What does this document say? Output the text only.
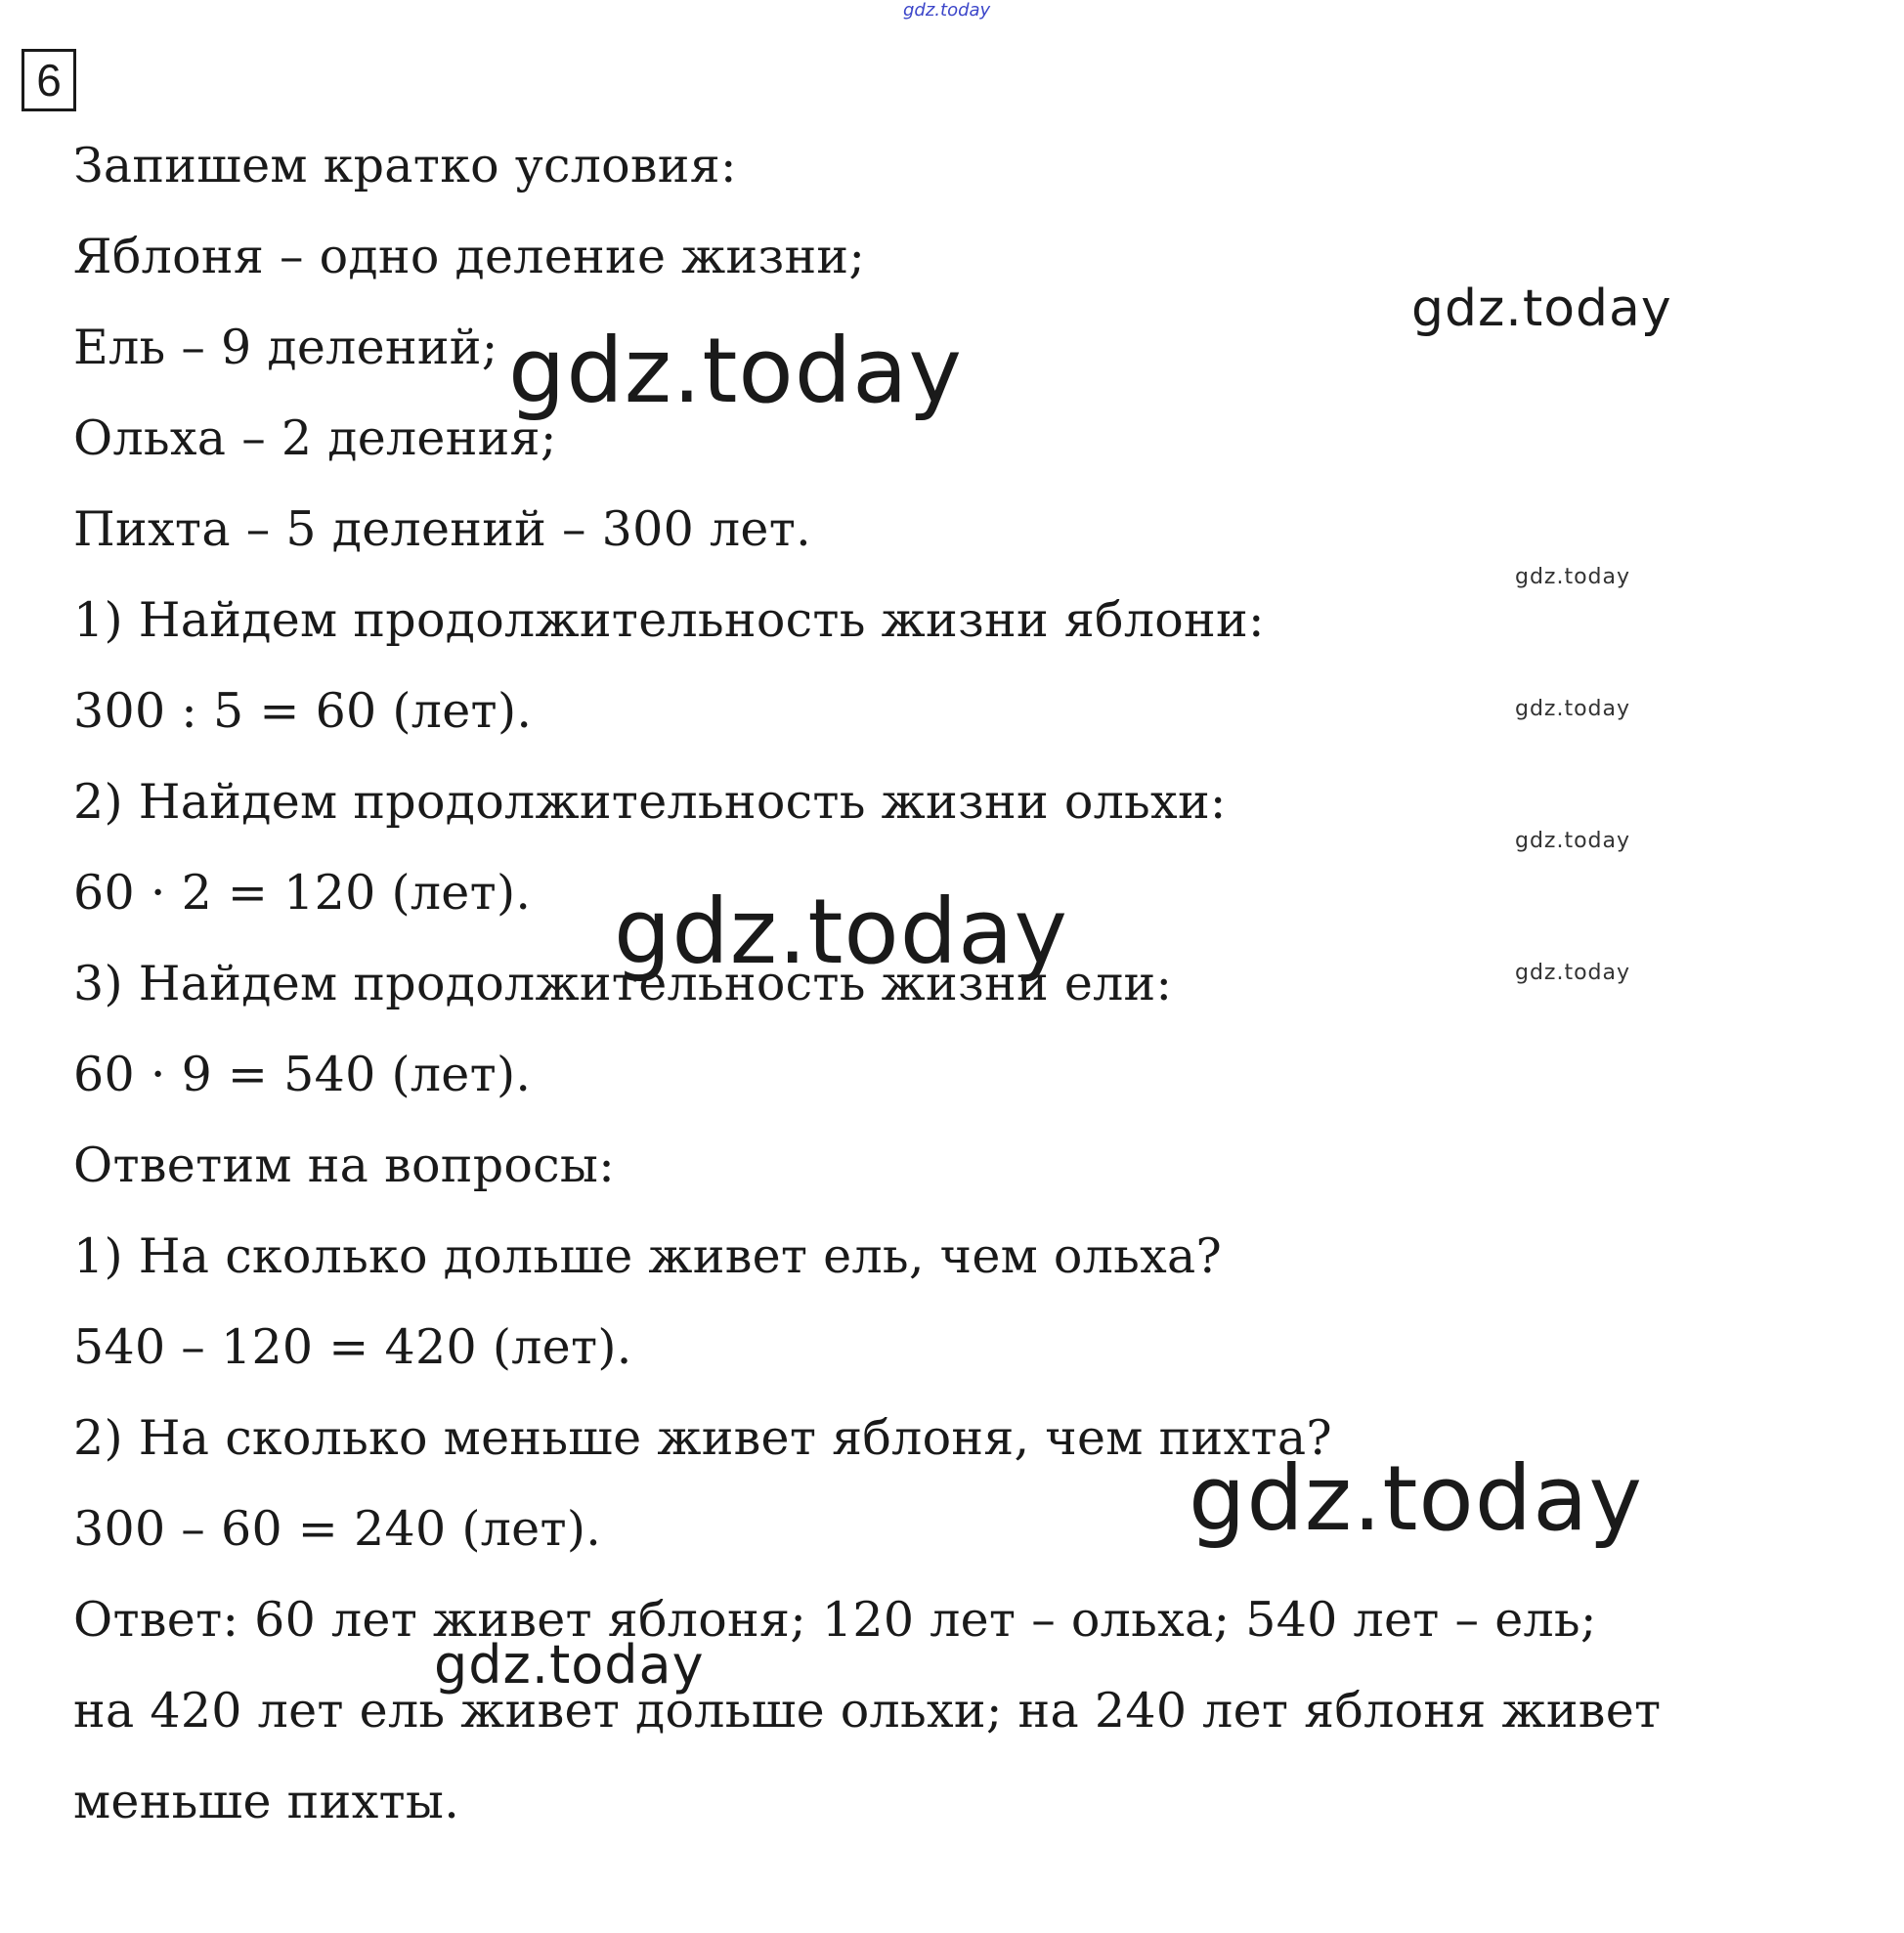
gdz.today
6
Запишем кратко условия:
Яблоня – одно деление жизни;
Ель – 9 делений;
Ольха – 2 деления;
Пихта – 5 делений – 300 лет.
1) Найдем продолжительность жизни яблони:
300 : 5 = 60 (лет).
2) Найдем продолжительность жизни ольхи:
60 · 2 = 120 (лет).
3) Найдем продолжительность жизни ели:
60 · 9 = 540 (лет).
Ответим на вопросы:
1) На сколько дольше живет ель, чем ольха?
540 – 120 = 420 (лет).
2) На сколько меньше живет яблоня, чем пихта?
300 – 60 = 240 (лет).
Ответ: 60 лет живет яблоня; 120 лет – ольха; 540 лет – ель;
на 420 лет ель живет дольше ольхи; на 240 лет яблоня живет
меньше пихты.
gdz.today
gdz.today
gdz.today
gdz.today
gdz.today
gdz.today
gdz.today
gdz.today
gdz.today
